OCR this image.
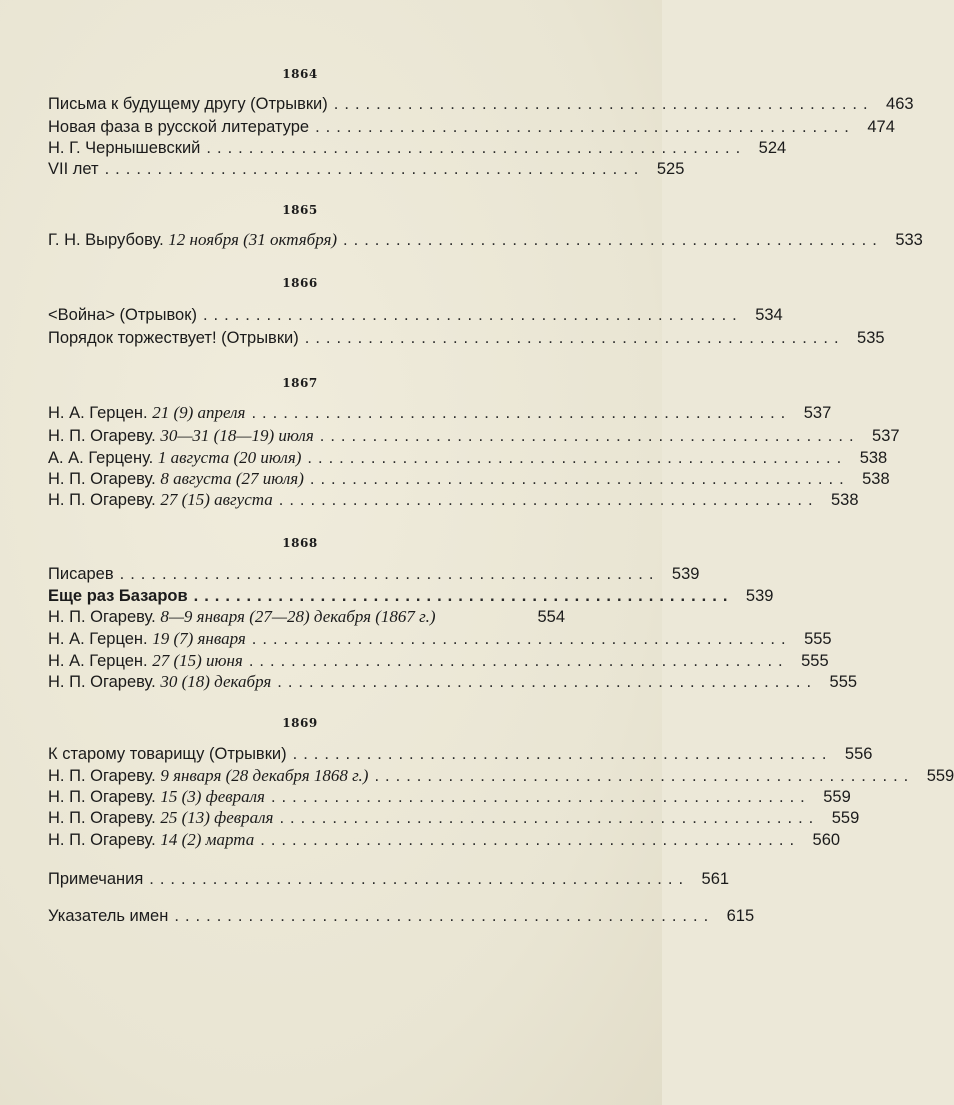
1864
Письма к будущему другу (Отрывки) ................................................... 463
Новая фаза в русской литературе ................................................... 474
Н. Г. Чернышевский ................................................... 524
VII лет ................................................... 525
1865
Г. Н. Вырубову. 12 ноября (31 октября) ................................................... 533
1866
<Война> (Отрывок) ................................................... 534
Порядок торжествует! (Отрывки) ................................................... 535
1867
Н. А. Герцен. 21 (9) апреля ................................................... 537
Н. П. Огареву. 30—31 (18—19) июля ................................................... 537
А. А. Герцену. 1 августа (20 июля) ................................................... 538
Н. П. Огареву. 8 августа (27 июля) ................................................... 538
Н. П. Огареву. 27 (15) августа ................................................... 538
1868
Писарев ................................................... 539
Еще раз Базаров ................................................... 539
Н. П. Огареву. 8—9 января (27—28) декабря (1867 г.)	554
Н. А. Герцен. 19 (7) января ................................................... 555
Н. А. Герцен. 27 (15) июня ................................................... 555
Н. П. Огареву. 30 (18) декабря ................................................... 555
1869
К старому товарищу (Отрывки) ................................................... 556
Н. П. Огареву. 9 января (28 декабря 1868 г.) ................................................... 559
Н. П. Огареву. 15 (3) февраля ................................................... 559
Н. П. Огареву. 25 (13) февраля ................................................... 559
Н. П. Огареву. 14 (2) марта ................................................... 560
Примечания ................................................... 561
Указатель имен ................................................... 615
